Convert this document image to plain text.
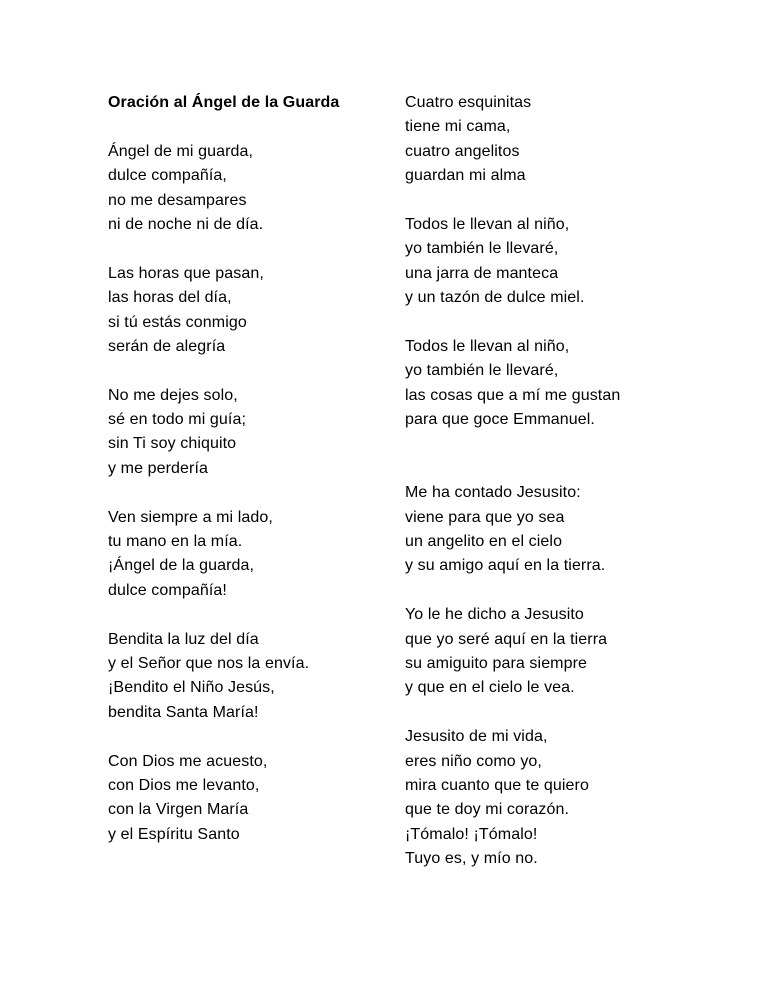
Oración al Ángel de la Guarda
Ángel de mi guarda,
dulce compañía,
no me desampares
ni de noche ni de día.
Las horas que pasan,
las horas del día,
si tú estás conmigo
serán de alegría
No me dejes solo,
sé en todo mi guía;
sin Ti soy chiquito
y me perdería
Ven siempre a mi lado,
tu mano en la mía.
¡Ángel de la guarda,
dulce compañía!
Bendita la luz del día
y el Señor que nos la envía.
¡Bendito el Niño Jesús,
bendita Santa María!
Con Dios me acuesto,
con Dios me levanto,
con la Virgen María
y el Espíritu Santo
Cuatro esquinitas
tiene mi cama,
cuatro angelitos
guardan mi alma
Todos le llevan al niño,
yo también le llevaré,
una jarra de manteca
y un tazón de dulce miel.
Todos le llevan al niño,
yo también le llevaré,
las cosas que a mí me gustan
para que goce Emmanuel.
Me ha contado Jesusito:
viene para que yo sea
un angelito en el cielo
y su amigo aquí en la tierra.
Yo le he dicho a Jesusito
que yo seré aquí en la tierra
su amiguito para siempre
y que en el cielo le vea.
Jesusito de mi vida,
eres niño como yo,
mira cuanto que te quiero
que te doy mi corazón.
¡Tómalo! ¡Tómalo!
Tuyo es, y mío no.
